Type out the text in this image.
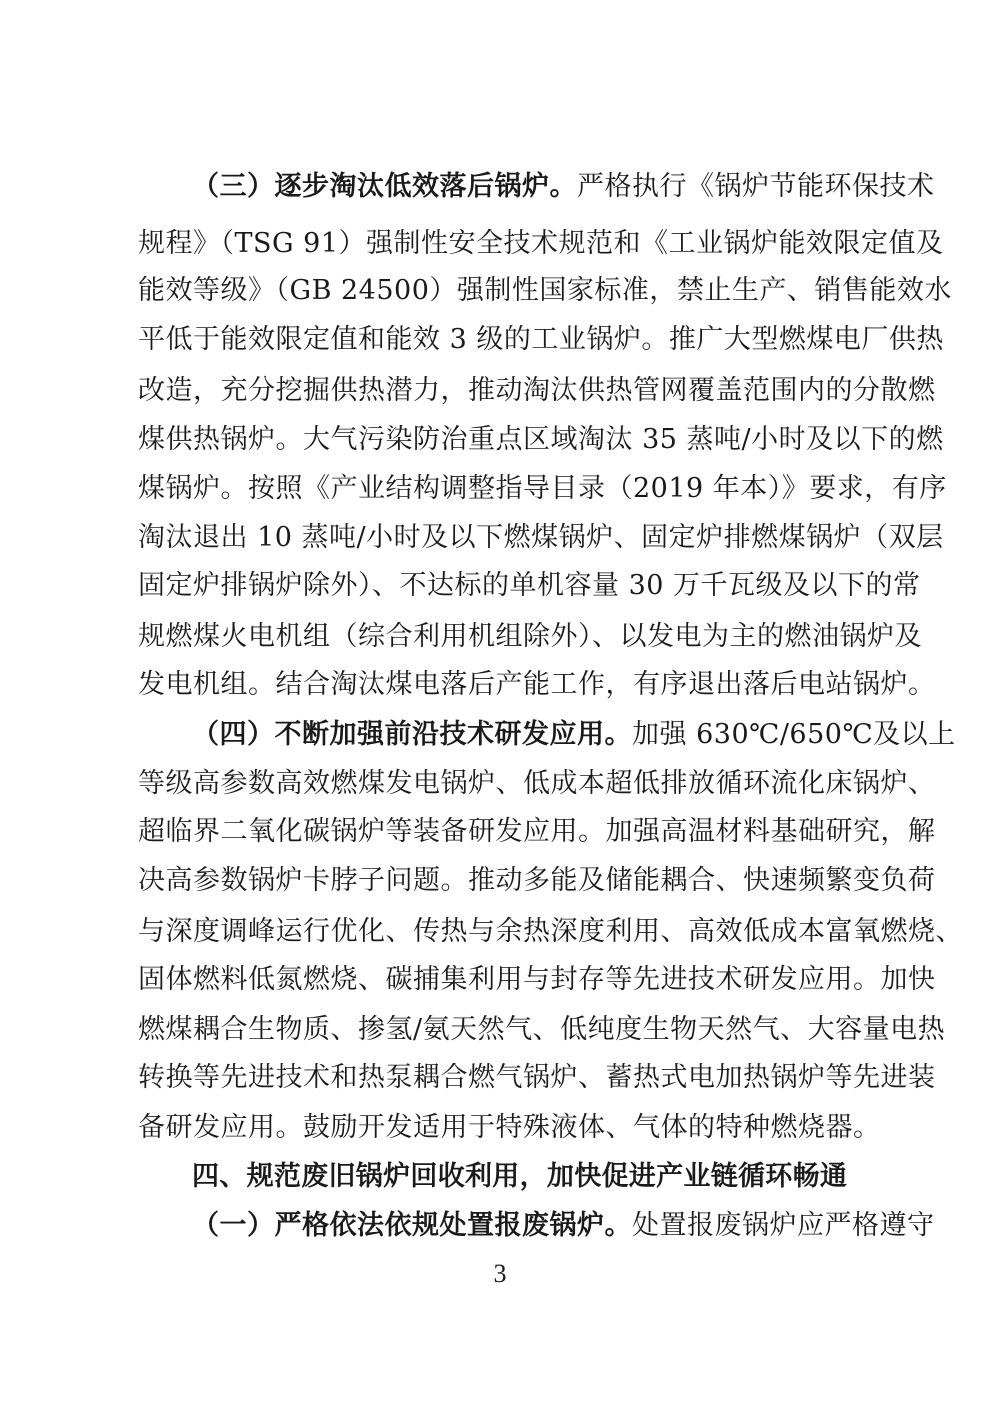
（三）逐步淘汰低效落后锅炉。严格执行《锅炉节能环保技术
规程》（TSG 91）强制性安全技术规范和《工业锅炉能效限定值及
能效等级》（GB 24500）强制性国家标准，禁止生产、销售能效水
平低于能效限定值和能效 3 级的工业锅炉。推广大型燃煤电厂供热
改造，充分挖掘供热潜力，推动淘汰供热管网覆盖范围内的分散燃
煤供热锅炉。大气污染防治重点区域淘汰 35 蒸吨/小时及以下的燃
煤锅炉。按照《产业结构调整指导目录（2019 年本）》要求，有序
淘汰退出 10 蒸吨/小时及以下燃煤锅炉、固定炉排燃煤锅炉（双层
固定炉排锅炉除外）、不达标的单机容量 30 万千瓦级及以下的常
规燃煤火电机组（综合利用机组除外）、以发电为主的燃油锅炉及
发电机组。结合淘汰煤电落后产能工作，有序退出落后电站锅炉。
（四）不断加强前沿技术研发应用。加强 630℃/650℃及以上
等级高参数高效燃煤发电锅炉、低成本超低排放循环流化床锅炉、
超临界二氧化碳锅炉等装备研发应用。加强高温材料基础研究，解
决高参数锅炉卡脖子问题。推动多能及储能耦合、快速频繁变负荷
与深度调峰运行优化、传热与余热深度利用、高效低成本富氧燃烧、
固体燃料低氮燃烧、碳捕集利用与封存等先进技术研发应用。加快
燃煤耦合生物质、掺氢/氨天然气、低纯度生物天然气、大容量电热
转换等先进技术和热泵耦合燃气锅炉、蓄热式电加热锅炉等先进装
备研发应用。鼓励开发适用于特殊液体、气体的特种燃烧器。
四、规范废旧锅炉回收利用，加快促进产业链循环畅通
（一）严格依法依规处置报废锅炉。处置报废锅炉应严格遵守
3
